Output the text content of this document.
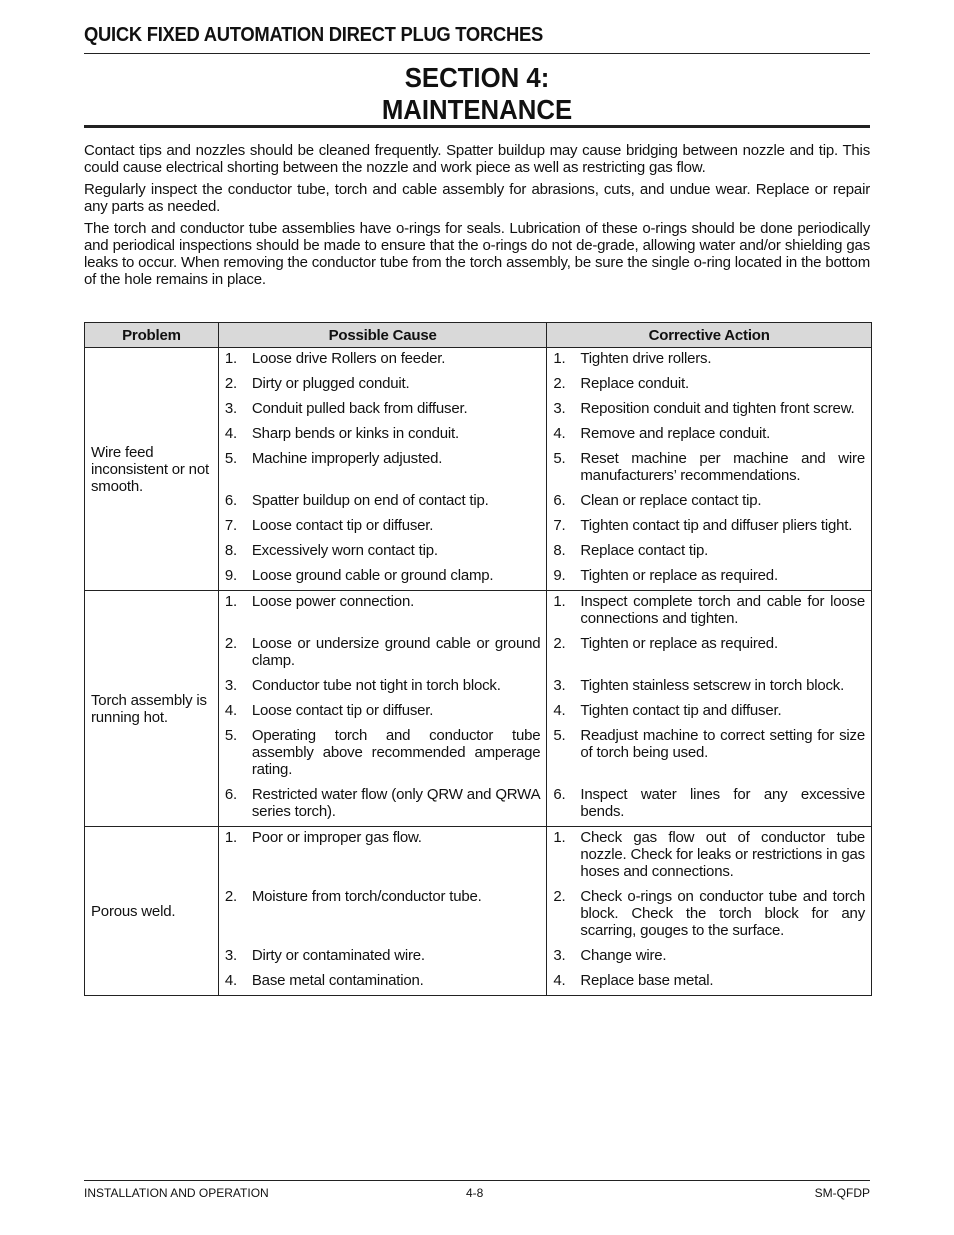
QUICK FIXED AUTOMATION DIRECT PLUG TORCHES
SECTION 4:
MAINTENANCE

Contact tips and nozzles should be cleaned frequently. Spatter buildup may cause bridging between nozzle and tip. This could cause electrical shorting between the nozzle and work piece as well as restricting gas flow.

Regularly inspect the conductor tube, torch and cable assembly for abrasions, cuts, and undue wear. Replace or repair any parts as needed.

The torch and conductor tube assemblies have o-rings for seals. Lubrication of these o-rings should be done periodically and periodical inspections should be made to ensure that the o-rings do not de-grade, allowing water and/or shielding gas leaks to occur. When removing the conductor tube from the torch assembly, be sure the single o-ring located in the bottom of the hole remains in place.

Problem	Possible Cause	Corrective Action
Wire feed inconsistent or not smooth.	1. Loose drive Rollers on feeder.	1. Tighten drive rollers.

	2. Dirty or plugged conduit.	2. Replace conduit.

	3. Conduit pulled back from diffuser.	3. Reposition conduit and tighten front screw.

	4. Sharp bends or kinks in conduit.	4. Remove and replace conduit.

	5. Machine improperly adjusted.	5. Reset machine per machine and wire manufacturers’ recommendations.

	6. Spatter buildup on end of contact tip.	6. Clean or replace contact tip.

	7. Loose contact tip or diffuser.	7. Tighten contact tip and diffuser pliers tight.

	8. Excessively worn contact tip.	8. Replace contact tip.

	9. Loose ground cable or ground clamp.	9. Tighten or replace as required.

Torch assembly is running hot.	1. Loose power connection.	1. Inspect complete torch and cable for loose connections and tighten.

	2. Loose or undersize ground cable or ground clamp.	2. Tighten or replace as required.

	3. Conductor tube not tight in torch block.	3. Tighten stainless setscrew in torch block.

	4. Loose contact tip or diffuser.	4. Tighten contact tip and diffuser.

	5. Operating torch and conductor tube assembly above recommended amperage rating.	5. Readjust machine to correct setting for size of torch being used.

	6. Restricted water flow (only QRW and QRWA series torch).	6. Inspect water lines for any excessive bends.

Porous weld.	1. Poor or improper gas flow.	1. Check gas flow out of conductor tube nozzle. Check for leaks or restrictions in gas hoses and connections.

	2. Moisture from torch/conductor tube.	2. Check o-rings on conductor tube and torch block. Check the torch block for any scarring, gouges to the surface.

	3. Dirty or contaminated wire.	3. Change wire.

	4. Base metal contamination.	4. Replace base metal.
INSTALLATION AND OPERATION	4-8	SM-QFDP
